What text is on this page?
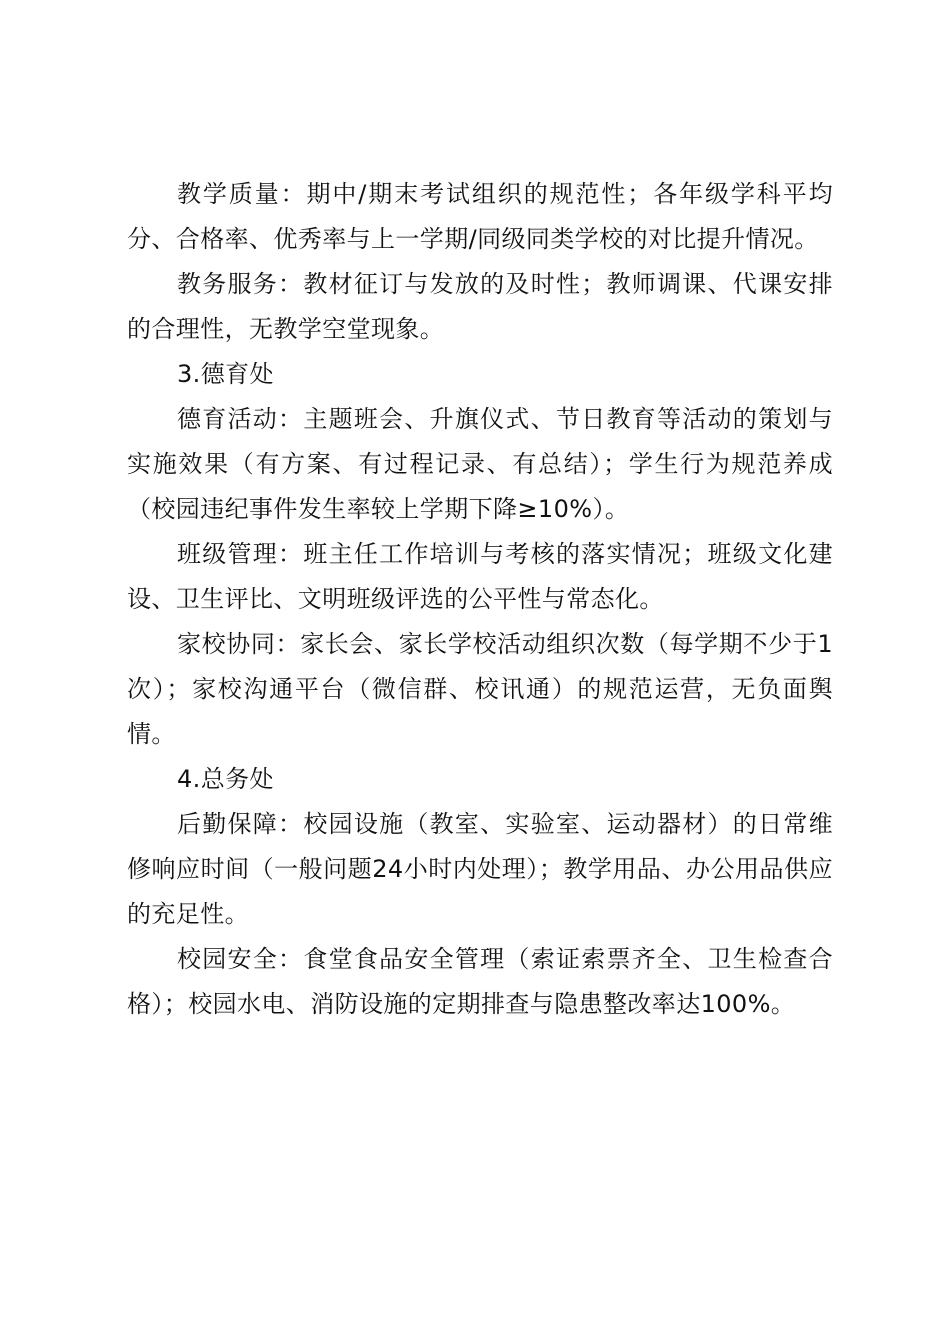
教学质量：期中/期末考试组织的规范性；各年级学科平均分、合格率、优秀率与上一学期/同级同类学校的对比提升情况。

教务服务：教材征订与发放的及时性；教师调课、代课安排的合理性，无教学空堂现象。

3.德育处

德育活动：主题班会、升旗仪式、节日教育等活动的策划与实施效果（有方案、有过程记录、有总结）；学生行为规范养成（校园违纪事件发生率较上学期下降≥10%）。

班级管理：班主任工作培训与考核的落实情况；班级文化建设、卫生评比、文明班级评选的公平性与常态化。

家校协同：家长会、家长学校活动组织次数（每学期不少于1次）；家校沟通平台（微信群、校讯通）的规范运营，无负面舆情。

4.总务处

后勤保障：校园设施（教室、实验室、运动器材）的日常维修响应时间（一般问题24小时内处理）；教学用品、办公用品供应的充足性。

校园安全：食堂食品安全管理（索证索票齐全、卫生检查合格）；校园水电、消防设施的定期排查与隐患整改率达100%。
